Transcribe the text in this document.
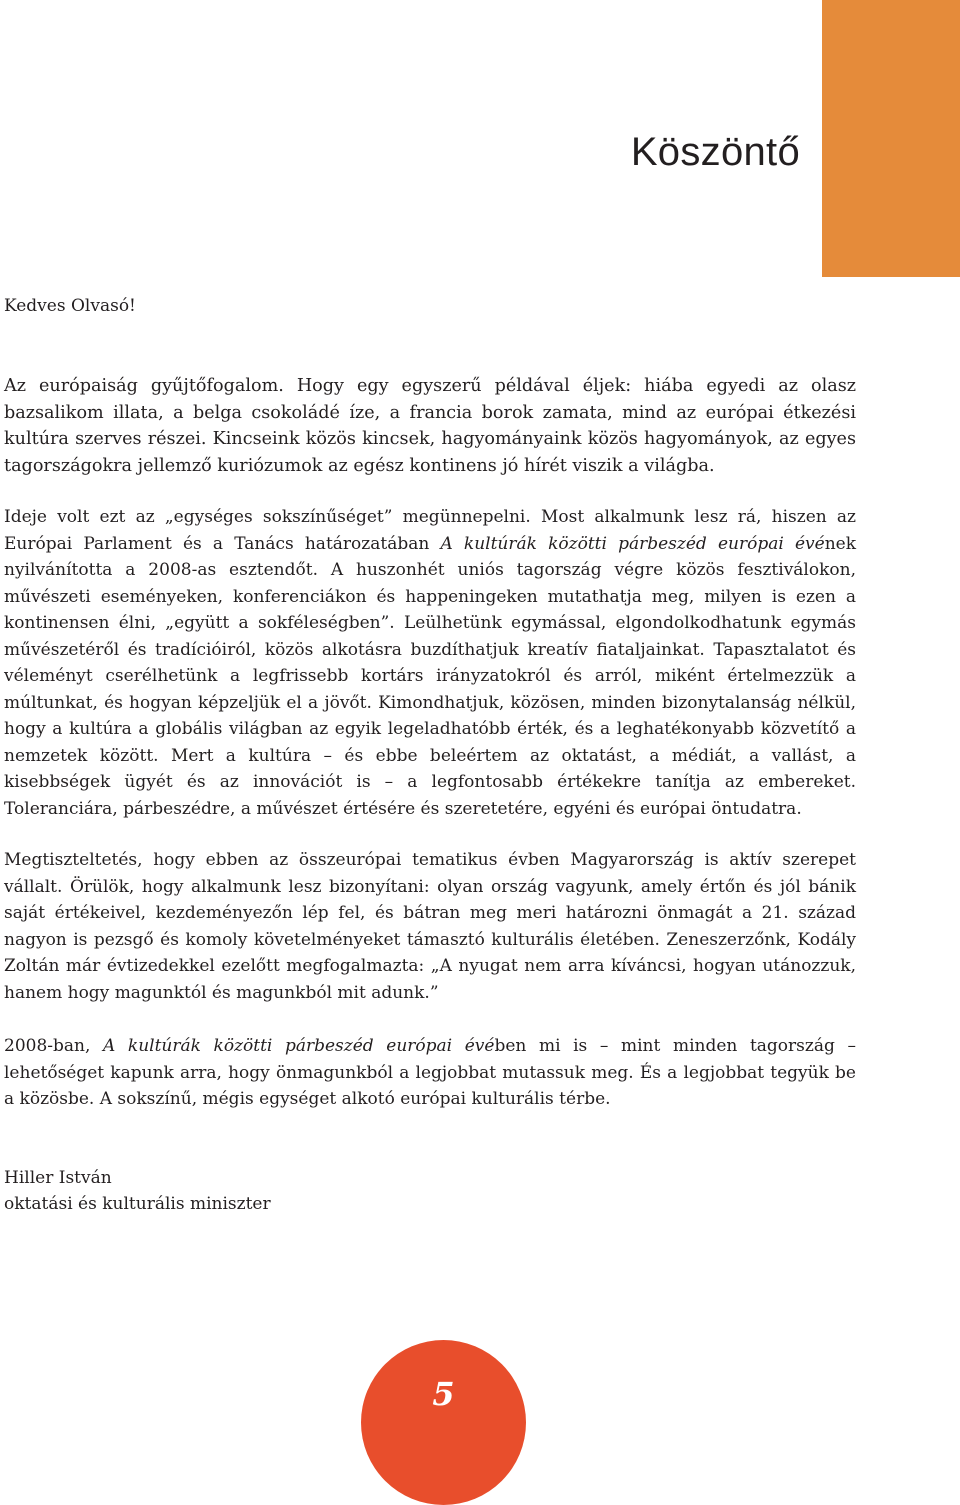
Köszöntő

Kedves Olvasó!

Az európaiság gyűjtőfogalom. Hogy egy egyszerű példával éljek: hiába egyedi az olasz bazsalikom illata, a belga csokoládé íze, a francia borok zamata, mind az európai étkezési kultúra szerves részei. Kincseink közös kincsek, hagyományaink közös hagyományok, az egyes tagországokra jellemző kuriózumok az egész kontinens jó hírét viszik a világba.

Ideje volt ezt az „egységes sokszínűséget” megünnepelni. Most alkalmunk lesz rá, hiszen az Európai Parlament és a Tanács határozatában A kultúrák közötti párbeszéd európai évének nyilvánította a 2008-as esztendőt. A huszonhét uniós tagország végre közös fesztiválokon, művészeti eseményeken, konferenciákon és happeningeken mutathatja meg, milyen is ezen a kontinensen élni, „együtt a sokféleségben”. Leülhetünk egymással, elgondolkodhatunk egymás művészetéről és tradícióiról, közös alkotásra buzdíthatjuk kreatív fiataljainkat. Tapasztalatot és véleményt cserélhetünk a legfrissebb kortárs irányzatokról és arról, miként értelmezzük a múltunkat, és hogyan képzeljük el a jövőt. Kimondhatjuk, közösen, minden bizonytalanság nélkül, hogy a kultúra a globális világban az egyik legeladhatóbb érték, és a leghatékonyabb közvetítő a nemzetek között. Mert a kultúra – és ebbe beleértem az oktatást, a médiát, a vallást, a kisebbségek ügyét és az innovációt is – a legfontosabb értékekre tanítja az embereket. Toleranciára, párbeszédre, a művészet értésére és szeretetére, egyéni és európai öntudatra.

Megtiszteltetés, hogy ebben az összeurópai tematikus évben Magyarország is aktív szerepet vállalt. Örülök, hogy alkalmunk lesz bizonyítani: olyan ország vagyunk, amely értőn és jól bánik saját értékeivel, kezdeményezőn lép fel, és bátran meg meri határozni önmagát a 21. század nagyon is pezsgő és komoly követelményeket támasztó kulturális életében. Zeneszerzőnk, Kodály Zoltán már évtizedekkel ezelőtt megfogalmazta: „A nyugat nem arra kíváncsi, hogyan utánozzuk, hanem hogy magunktól és magunkból mit adunk.”

2008-ban, A kultúrák közötti párbeszéd európai évében mi is – mint minden tagország – lehetőséget kapunk arra, hogy önmagunkból a legjobbat mutassuk meg. És a legjobbat tegyük be a közösbe. A sokszínű, mégis egységet alkotó európai kulturális térbe.

Hiller István

oktatási és kulturális miniszter

5
